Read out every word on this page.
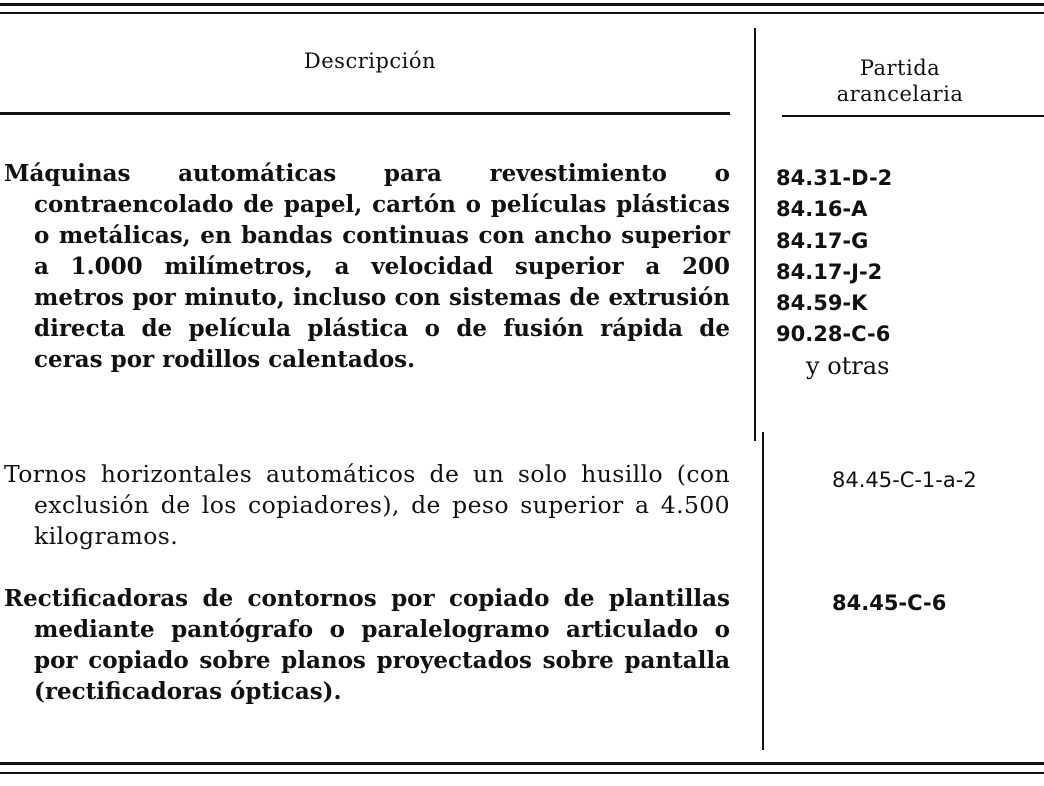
Descripción	Partida
arancelaria
Máquinas automáticas para revestimiento o contraencolado de papel, cartón o películas plásticas o metálicas, en bandas continuas con ancho superior a 1.000 milímetros, a velocidad superior a 200 metros por minuto, incluso con sistemas de extrusión directa de película plástica o de fusión rápida de ceras por rodillos calentados.
84.31-D-2
84.16-A
84.17-G
84.17-J-2
84.59-K
90.28-C-6
y otras
Tornos horizontales automáticos de un solo husillo (con exclusión de los copiadores), de peso superior a 4.500 kilogramos.
84.45-C-1-a-2
Rectificadoras de contornos por copiado de plantillas mediante pantógrafo o paralelogramo articulado o por copiado sobre planos proyectados sobre pantalla (rectificadoras ópticas).
84.45-C-6
